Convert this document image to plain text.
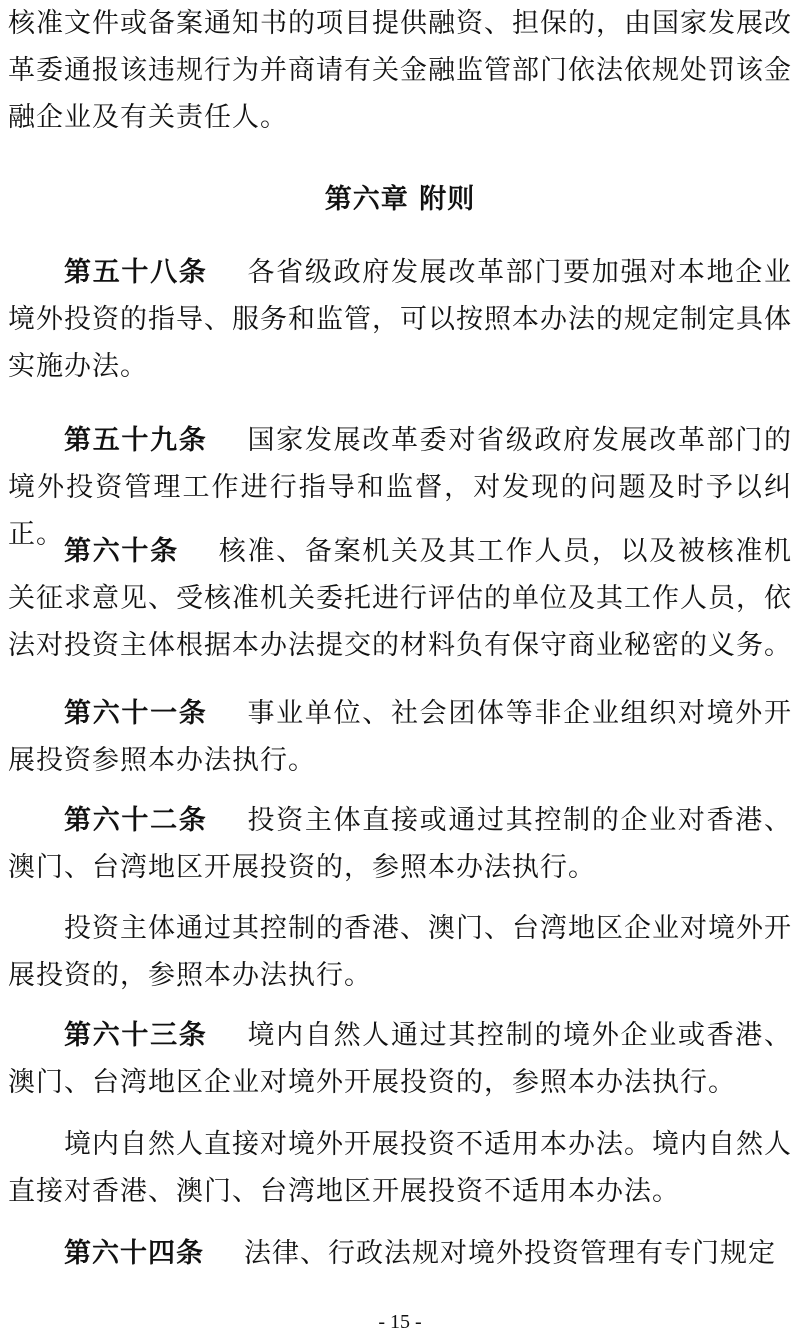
核准文件或备案通知书的项目提供融资、担保的，由国家发展改革委通报该违规行为并商请有关金融监管部门依法依规处罚该金融企业及有关责任人。

第六章 附则

第五十八条 各省级政府发展改革部门要加强对本地企业境外投资的指导、服务和监管，可以按照本办法的规定制定具体实施办法。

第五十九条 国家发展改革委对省级政府发展改革部门的境外投资管理工作进行指导和监督，对发现的问题及时予以纠正。

第六十条 核准、备案机关及其工作人员，以及被核准机关征求意见、受核准机关委托进行评估的单位及其工作人员，依法对投资主体根据本办法提交的材料负有保守商业秘密的义务。

第六十一条 事业单位、社会团体等非企业组织对境外开展投资参照本办法执行。

第六十二条 投资主体直接或通过其控制的企业对香港、澳门、台湾地区开展投资的，参照本办法执行。

投资主体通过其控制的香港、澳门、台湾地区企业对境外开展投资的，参照本办法执行。

第六十三条 境内自然人通过其控制的境外企业或香港、澳门、台湾地区企业对境外开展投资的，参照本办法执行。

境内自然人直接对境外开展投资不适用本办法。境内自然人直接对香港、澳门、台湾地区开展投资不适用本办法。

第六十四条 法律、行政法规对境外投资管理有专门规定

- 15 -
